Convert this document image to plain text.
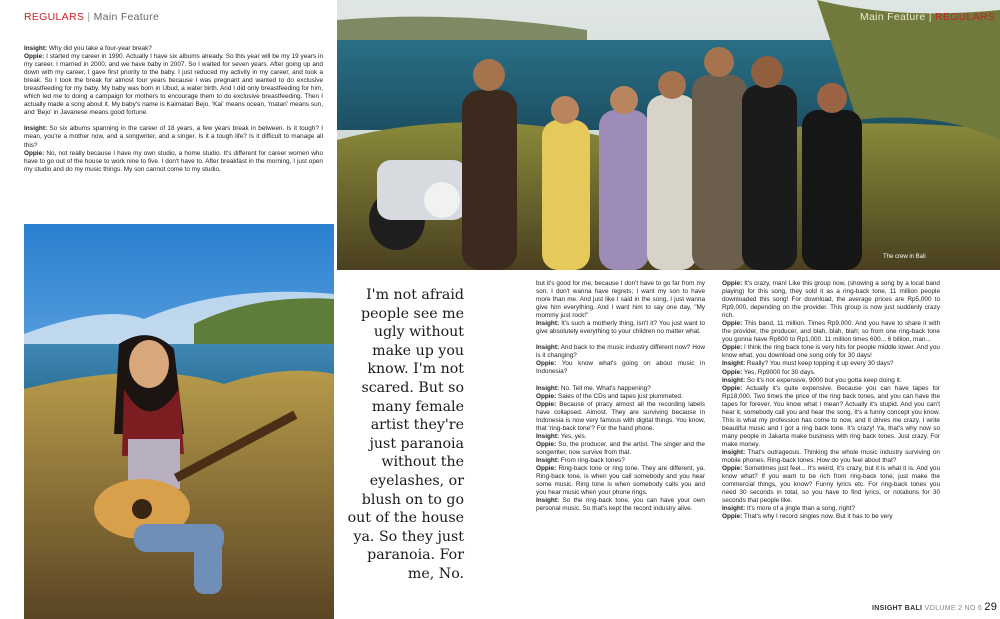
REGULARS | Main Feature

Insight: Why did you take a four-year break?
Oppie: I started my career in 1990. Actually I have six albums already. So this year will be my 19 years in my career. I married in 2000, and we have baby in 2007. So I waited for seven years. After going up and down with my career, I gave first priority to the baby. I just reduced my activity in my career, and took a break. So I took the break for almost four years because I was pregnant and wanted to do exclusive breastfeeding for my baby. My baby was born in Ubud, a water birth. And I did only breastfeeding for him, which led me to doing a campaign for mothers to encourage them to do exclusive breastfeeding. Then I actually made a song about it. My baby's name is Kaimatari Bejo. 'Kai' means ocean, 'matari' means sun, and 'Bejo' in Javanese means good fortune.

Insight: So six albums spanning in the career of 18 years, a few years break in between. Is it tough? I mean, you're a mother now, and a songwriter, and a singer. Is it a tough life? Is it difficult to manage all this?
Oppie: No, not really because I have my own studio, a home studio. It's different for career women who have to go out of the house to work nine to five. I don't have to. After breakfast in the morning, I just open my studio and do my music things. My son cannot come to my studio,

The crew in Bali
Main Feature | REGULARS
I'm not afraid people see me ugly without make up you know. I'm not scared. But so many female artist they're just paranoia without the eyelashes, or blush on to go out of the house ya. So they just paranoia. For me, No.

but it's good for me, because I don't have to go far from my son. I don't wanna have regrets; I want my son to have more than me. And just like I said in the song, I just wanna give him everything. And I want him to say one day, "My mommy just rock!"
Insight: It's such a motherly thing, isn't it? You just want to give absolutely everything to your children no matter what.

Insight: And back to the music industry different now? How is it changing?
Oppie: You know what's going on about music in Indonesia?

Insight: No. Tell me. What's happening?
Oppie: Sales of the CDs and tapes just plummeted.
Oppie: Because of piracy almost all the recording labels have collapsed. Almost. They are surviving because in Indonesia is now very famous with digital things. You know, that 'ring-back tone'? For the hand phone.
Insight: Yes, yes.
Oppie: So, the producer, and the artist. The singer and the songwriter, now survive from that.
Insight: From ring-back tones?
Oppie: Ring-back tone or ring tone. They are different, ya. Ring-back tone, is when you call somebody and you hear some music. Ring tone is when somebody calls you and you hear music when your phone rings.
Insight: So the ring-back tone, you can have your own personal music. So that's kept the record industry alive.

Oppie: It's crazy, man! Like this group now, (showing a song by a local band playing) for this song, they sold it as a ring-back tone, 11 million people downloaded this song! For download, the average prices are Rp5,000 to Rp9,000, depending on the provider. This group is now just suddenly crazy rich.
Oppie: This band, 11 million. Times Rp9,000. And you have to share it with the provider, the producer, and blah, blah, blah; so from one ring-back tone you gonna have Rp600 to Rp1,000. 11 million times 600... 6 billion, man...
Oppie: I think the ring back tone is very hits for people middle lower. And you know what, you download one song only for 30 days!
Insight: Really? You must keep topping it up every 30 days?
Oppie: Yes, Rp9000 for 30 days.
Insight: So it's not expensive, 9000 but you gotta keep doing it.
Oppie: Actually it's quite expensive. Because you can have tapes for Rp18,000. Two times the price of the ring back tones, and you can have the tapes for forever. You know what I mean? Actually it's stupid. And you can't hear it, somebody call you and hear the song. It's a funny concept you know. This is what my profession has come to now, and it drives me crazy. I write beautiful music and I got a ring back tone. It's crazy! Ya, that's why now so many people in Jakarta make business with ring back tones. Just crazy. For make money.
Insight: That's outrageous. Thinking the whole music industry surviving on mobile phones. Ring-back tones. How do you feel about that?
Oppie: Sometimes just feel... It's weird, it's crazy, but it is what it is. And you know what? If you want to be rich from ring-back tone, just make the commercial things, you know? Funny lyrics etc. For ring-back tones you need 30 seconds in total, so you have to find lyrics, or notations for 30 seconds that people like.
Insight: It's more of a jingle than a song, right?
Oppie: That's why I record singles now. But it has to be very

INSIGHT BALI VOLUME 2 NO 6 29
